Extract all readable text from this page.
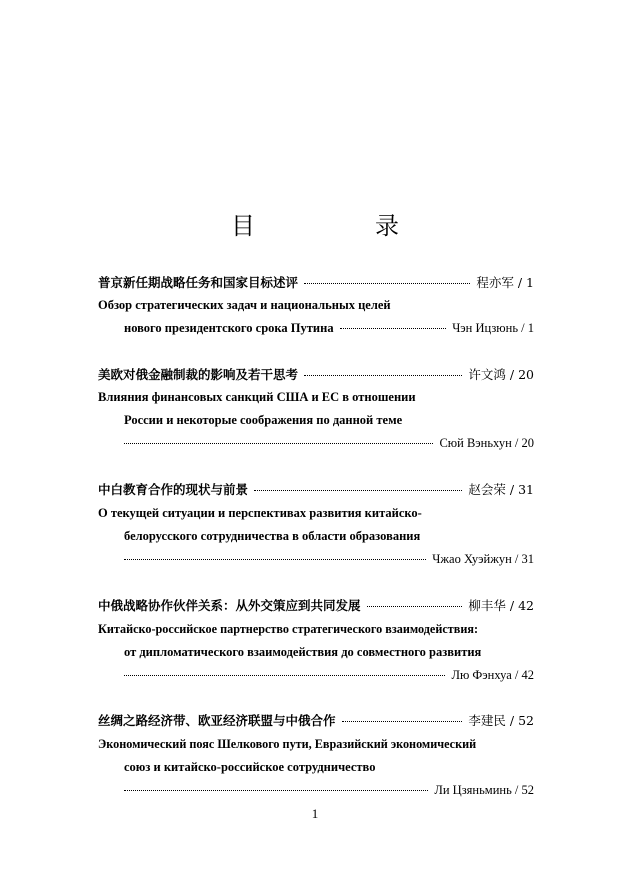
目　录
普京新任期战略任务和国家目标述评	程亦军 / 1
Обзор стратегических задач и национальных целей
нового президентского срока Путина	Чэн Ицзюнь / 1
美欧对俄金融制裁的影响及若干思考	许文鸿 / 20
Влияния финансовых санкций США и ЕС в отношении
России и некоторые соображения по данной теме
Сюй Вэньхун / 20
中白教育合作的现状与前景	赵会荣 / 31
О текущей ситуации и перспективах развития китайско-
белорусского сотрудничества в области образования
Чжао Хуэйжун / 31
中俄战略协作伙伴关系：从外交策应到共同发展	柳丰华 / 42
Китайско-российское партнерство стратегического взаимодействия:
от дипломатического взаимодействия до совместного развития
Лю Фэнхуа / 42
丝绸之路经济带、欧亚经济联盟与中俄合作	李建民 / 52
Экономический пояс Шелкового пути, Евразийский экономический
союз и китайско-российское сотрудничество
Ли Цзяньминь / 52
1
